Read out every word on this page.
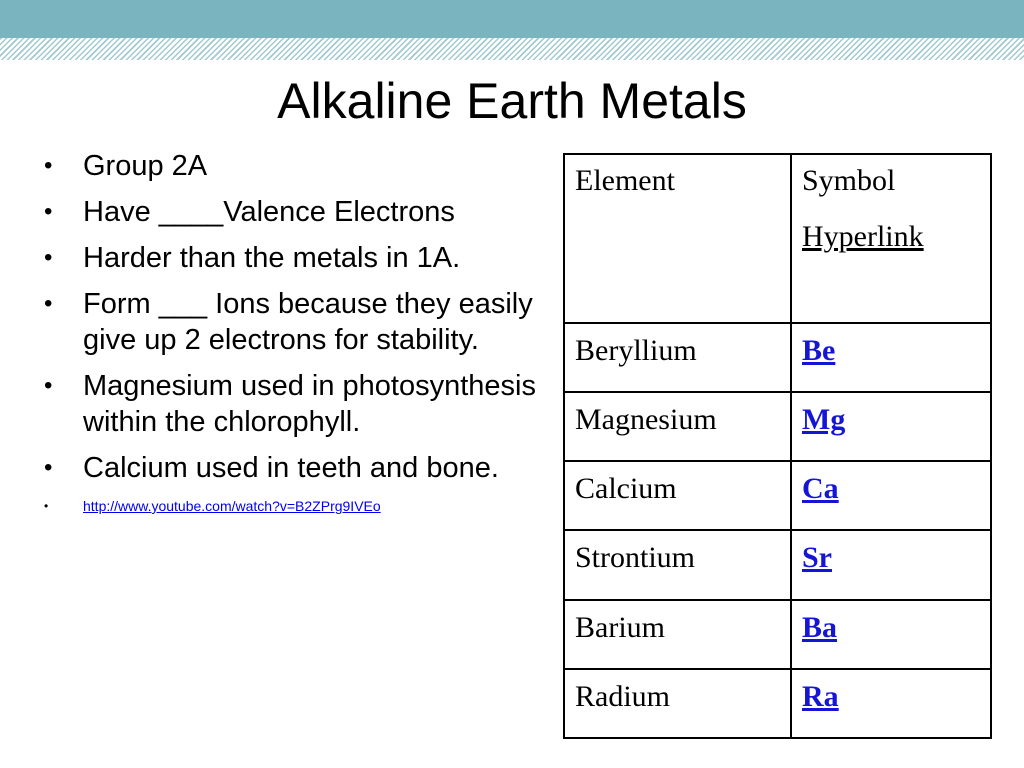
Alkaline Earth Metals
• Group 2A
• Have ____Valence Electrons
• Harder than the metals in 1A.
• Form ___ Ions because they easily give up 2 electrons for stability.
• Magnesium used in photosynthesis within the chlorophyll.
• Calcium used in teeth and bone.
• http://www.youtube.com/watch?v=B2ZPrg9IVEo
Element	Symbol
Hyperlink

Beryllium	Be
Magnesium	Mg
Calcium	Ca
Strontium	Sr
Barium	Ba
Radium	Ra
